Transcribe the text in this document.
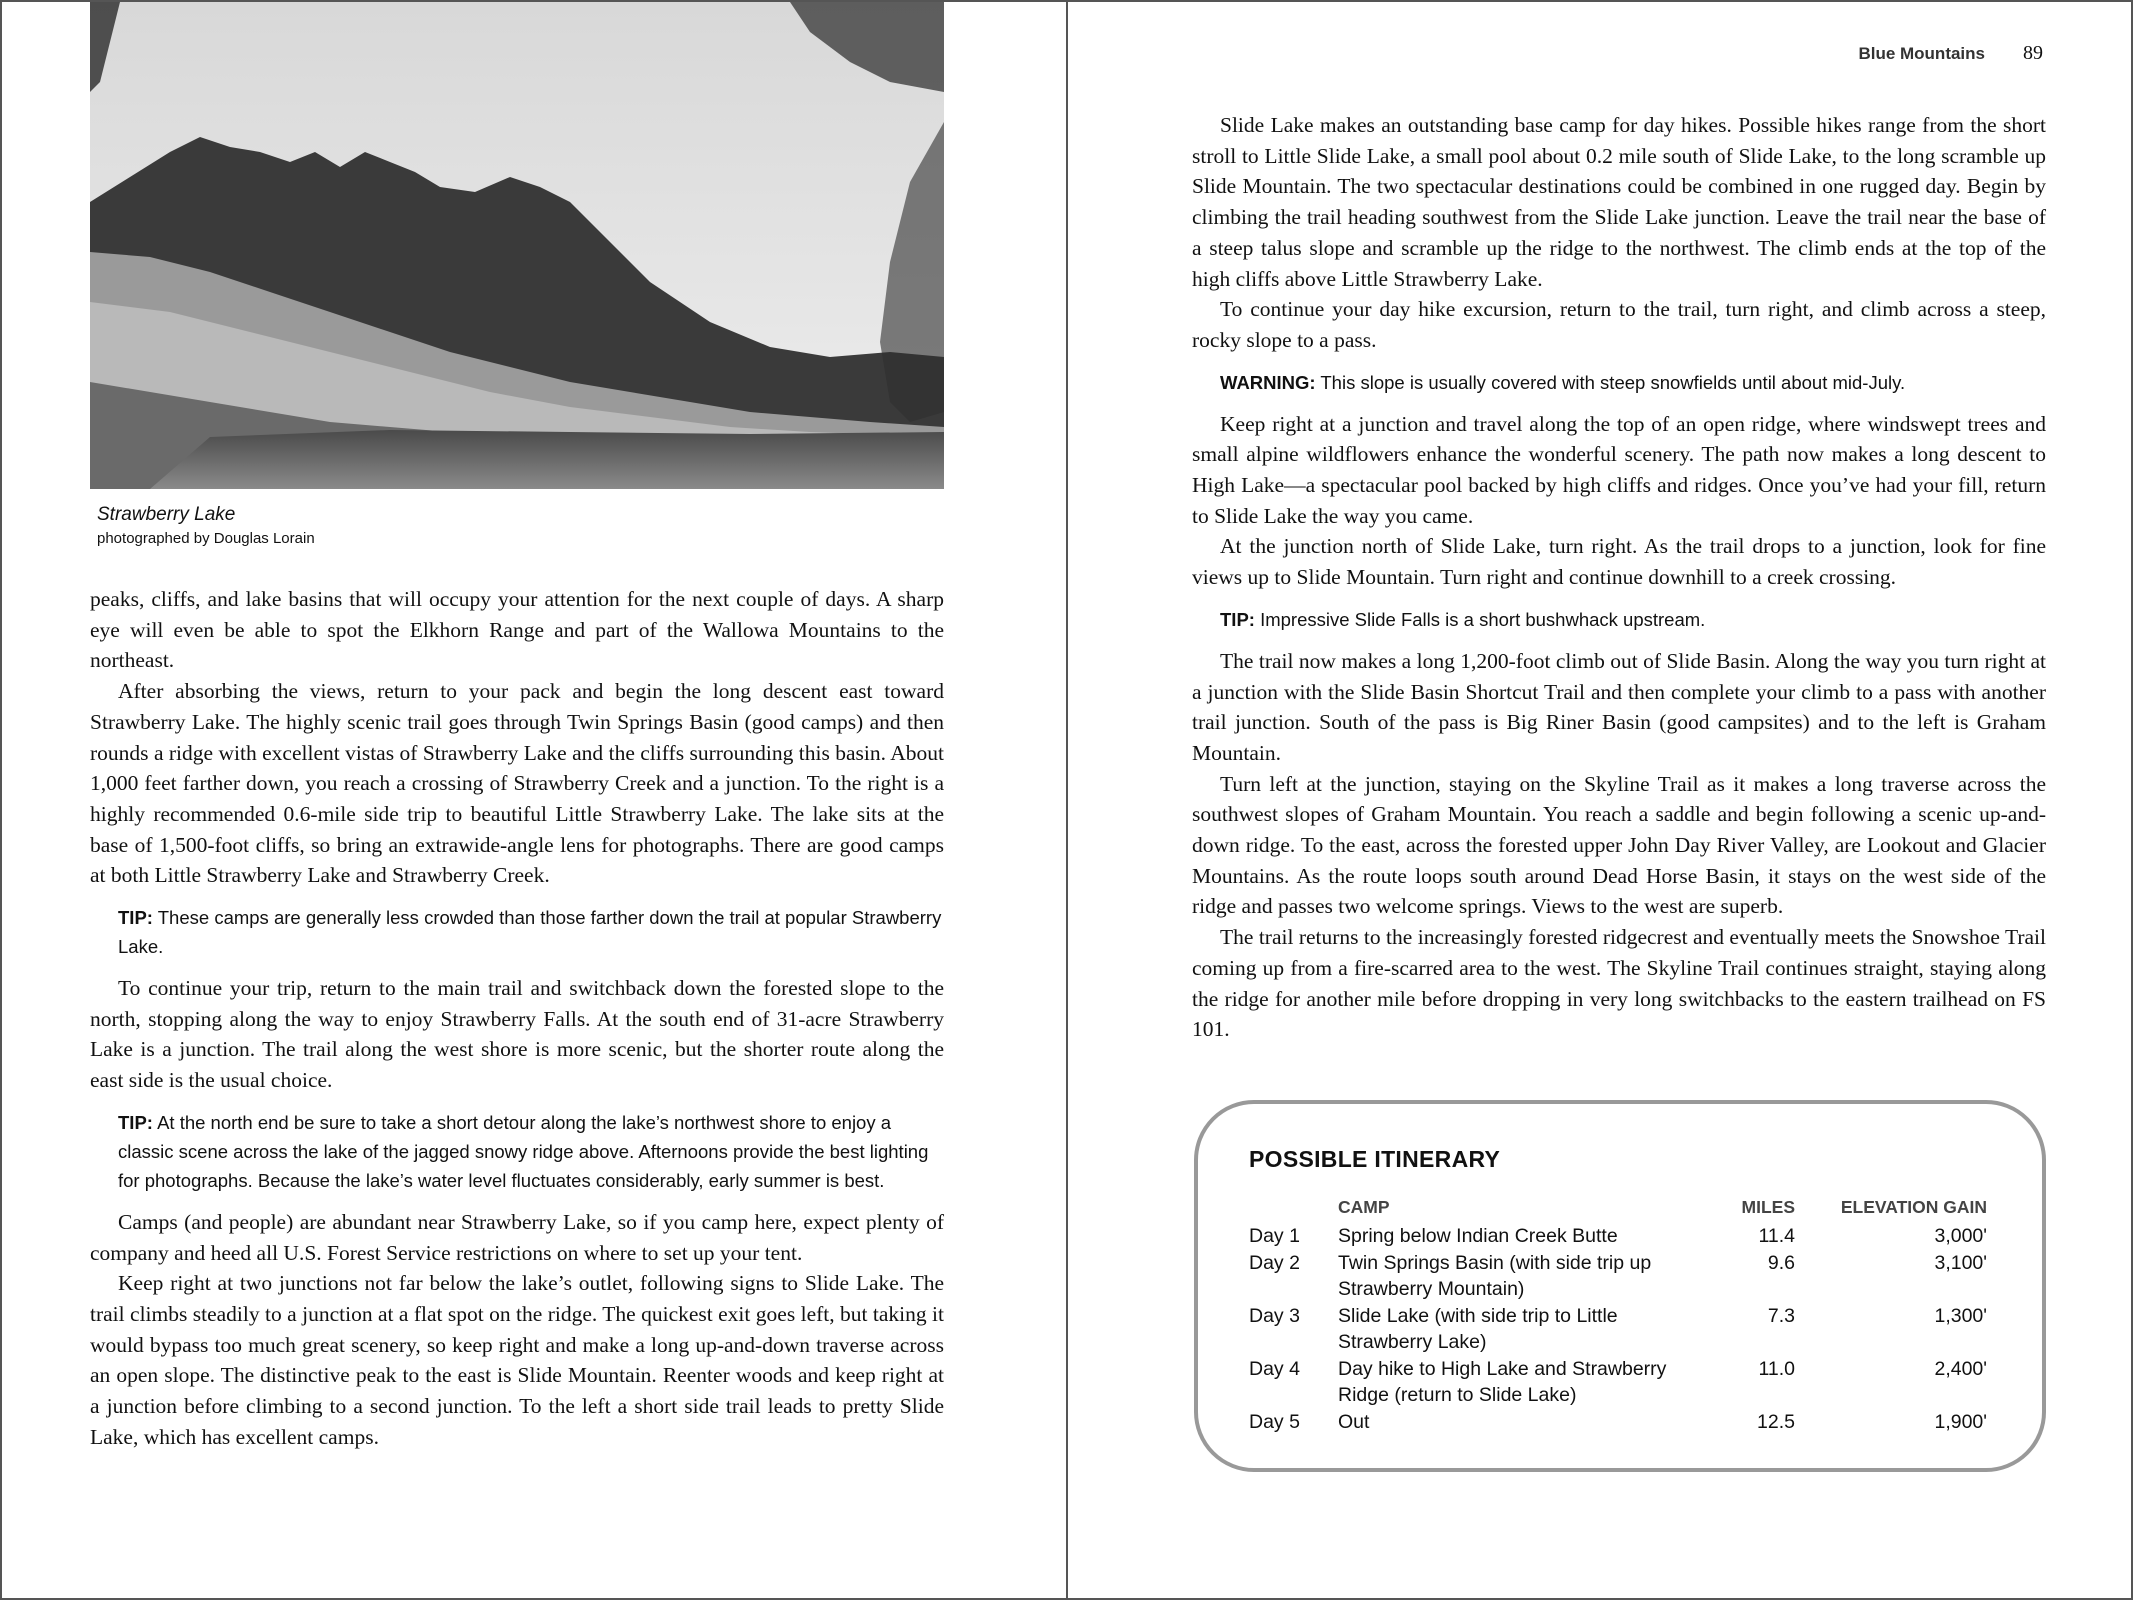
Strawberry Lake
photographed by Douglas Lorain

peaks, cliffs, and lake basins that will occupy your attention for the next couple of days. A sharp eye will even be able to spot the Elkhorn Range and part of the Wallowa Mountains to the northeast.

After absorbing the views, return to your pack and begin the long descent east toward Strawberry Lake. The highly scenic trail goes through Twin Springs Basin (good camps) and then rounds a ridge with excellent vistas of Strawberry Lake and the cliffs surrounding this basin. About 1,000 feet farther down, you reach a crossing of Strawberry Creek and a junction. To the right is a highly recommended 0.6-mile side trip to beautiful Little Strawberry Lake. The lake sits at the base of 1,500-foot cliffs, so bring an extrawide-angle lens for photographs. There are good camps at both Little Strawberry Lake and Strawberry Creek.

TIP: These camps are generally less crowded than those farther down the trail at popular Strawberry Lake.

To continue your trip, return to the main trail and switchback down the forested slope to the north, stopping along the way to enjoy Strawberry Falls. At the south end of 31-acre Strawberry Lake is a junction. The trail along the west shore is more scenic, but the shorter route along the east side is the usual choice.

TIP: At the north end be sure to take a short detour along the lake’s northwest shore to enjoy a classic scene across the lake of the jagged snowy ridge above. Afternoons provide the best lighting for photographs. Because the lake’s water level fluctuates considerably, early summer is best.

Camps (and people) are abundant near Strawberry Lake, so if you camp here, expect plenty of company and heed all U.S. Forest Service restrictions on where to set up your tent.

Keep right at two junctions not far below the lake’s outlet, following signs to Slide Lake. The trail climbs steadily to a junction at a flat spot on the ridge. The quickest exit goes left, but taking it would bypass too much great scenery, so keep right and make a long up-and-down traverse across an open slope. The distinctive peak to the east is Slide Mountain. Reenter woods and keep right at a junction before climbing to a second junction. To the left a short side trail leads to pretty Slide Lake, which has excellent camps.

Blue Mountains 89

Slide Lake makes an outstanding base camp for day hikes. Possible hikes range from the short stroll to Little Slide Lake, a small pool about 0.2 mile south of Slide Lake, to the long scramble up Slide Mountain. The two spectacular destinations could be combined in one rugged day. Begin by climbing the trail heading southwest from the Slide Lake junction. Leave the trail near the base of a steep talus slope and scramble up the ridge to the northwest. The climb ends at the top of the high cliffs above Little Strawberry Lake.

To continue your day hike excursion, return to the trail, turn right, and climb across a steep, rocky slope to a pass.

WARNING: This slope is usually covered with steep snowfields until about mid-July.

Keep right at a junction and travel along the top of an open ridge, where windswept trees and small alpine wildflowers enhance the wonderful scenery. The path now makes a long descent to High Lake—a spectacular pool backed by high cliffs and ridges. Once you’ve had your fill, return to Slide Lake the way you came.

At the junction north of Slide Lake, turn right. As the trail drops to a junction, look for fine views up to Slide Mountain. Turn right and continue downhill to a creek crossing.

TIP: Impressive Slide Falls is a short bushwhack upstream.

The trail now makes a long 1,200-foot climb out of Slide Basin. Along the way you turn right at a junction with the Slide Basin Shortcut Trail and then complete your climb to a pass with another trail junction. South of the pass is Big Riner Basin (good campsites) and to the left is Graham Mountain.

Turn left at the junction, staying on the Skyline Trail as it makes a long traverse across the southwest slopes of Graham Mountain. You reach a saddle and begin following a scenic up-and-down ridge. To the east, across the forested upper John Day River Valley, are Lookout and Glacier Mountains. As the route loops south around Dead Horse Basin, it stays on the west side of the ridge and passes two welcome springs. Views to the west are superb.

The trail returns to the increasingly forested ridgecrest and eventually meets the Snowshoe Trail coming up from a fire-scarred area to the west. The Skyline Trail continues straight, staying along the ridge for another mile before dropping in very long switchbacks to the eastern trailhead on FS 101.

POSSIBLE ITINERARY
	CAMP	MILES	ELEVATION GAIN
Day 1	Spring below Indian Creek Butte	11.4	3,000'
Day 2	Twin Springs Basin (with side trip up Strawberry Mountain)	9.6	3,100'
Day 3	Slide Lake (with side trip to Little Strawberry Lake)	7.3	1,300'
Day 4	Day hike to High Lake and Strawberry Ridge (return to Slide Lake)	11.0	2,400'
Day 5	Out	12.5	1,900'
